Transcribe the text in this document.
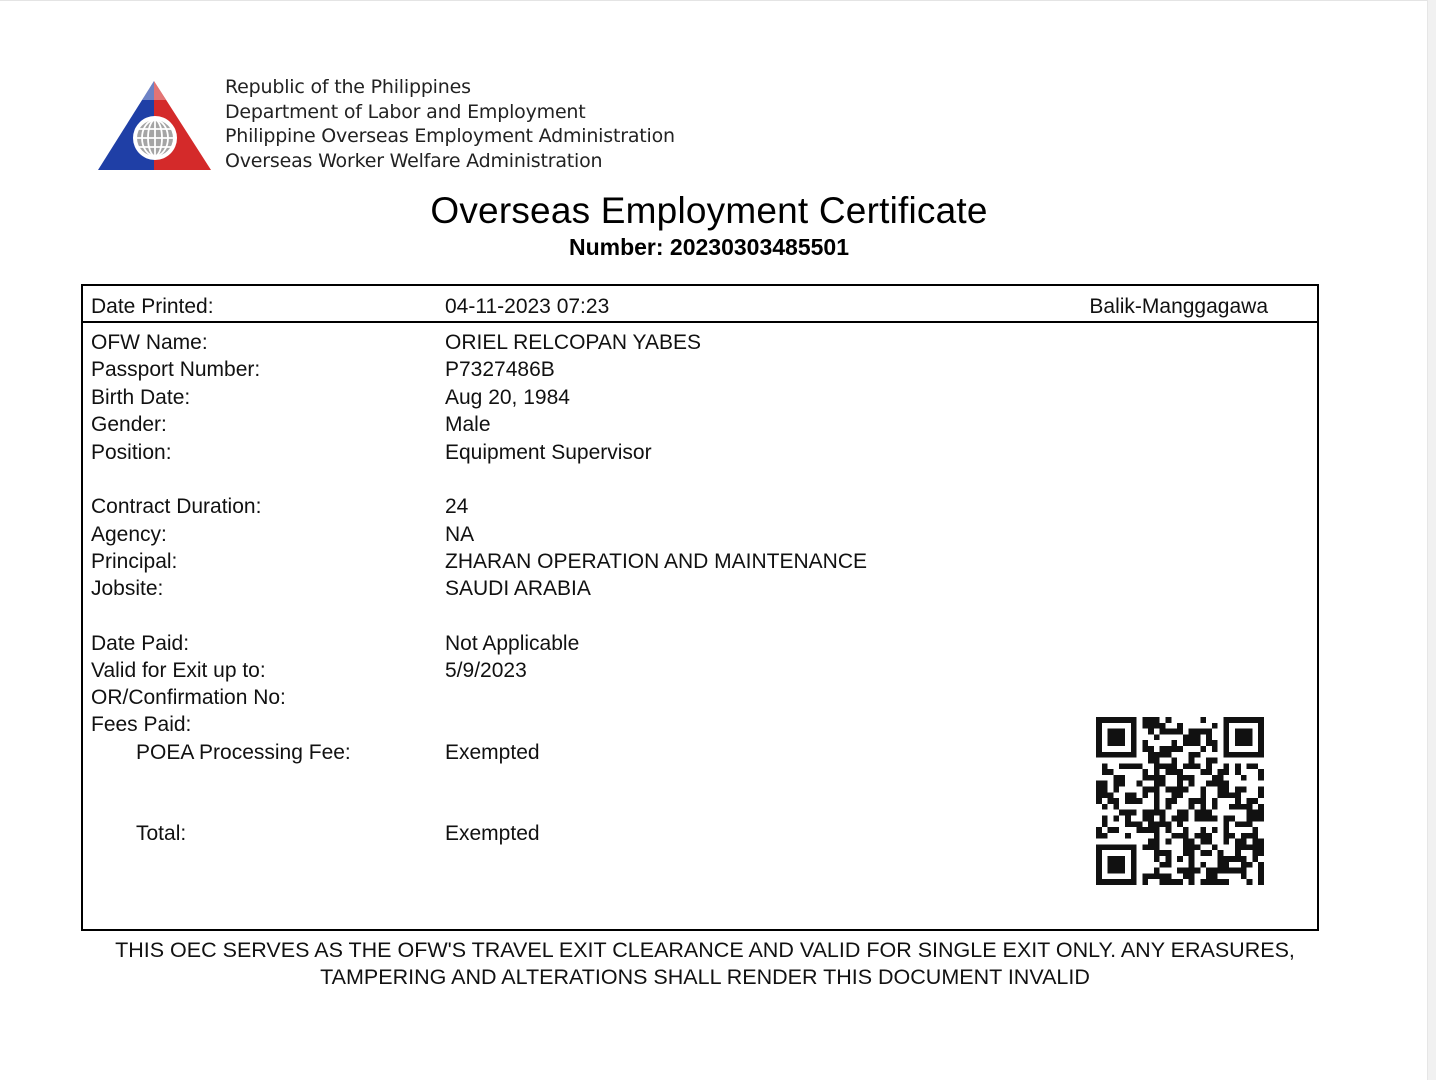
Republic of the Philippines
Department of Labor and Employment
Philippine Overseas Employment Administration
Overseas Worker Welfare Administration
Overseas Employment Certificate
Number: 20230303485501
Date Printed:	04-11-2023 07:23	Balik-Manggagawa
OFW Name:	ORIEL RELCOPAN YABES
Passport Number:	P7327486B
Birth Date:	Aug 20, 1984
Gender:	Male
Position:	Equipment Supervisor
Contract Duration:	24
Agency:	NA
Principal:	ZHARAN OPERATION AND MAINTENANCE
Jobsite:	SAUDI ARABIA
Date Paid:	Not Applicable
Valid for Exit up to:	5/9/2023
OR/Confirmation No:
Fees Paid:
POEA Processing Fee:	Exempted
Total:	Exempted
THIS OEC SERVES AS THE OFW'S TRAVEL EXIT CLEARANCE AND VALID FOR SINGLE EXIT ONLY. ANY ERASURES,
TAMPERING AND ALTERATIONS SHALL RENDER THIS DOCUMENT INVALID
